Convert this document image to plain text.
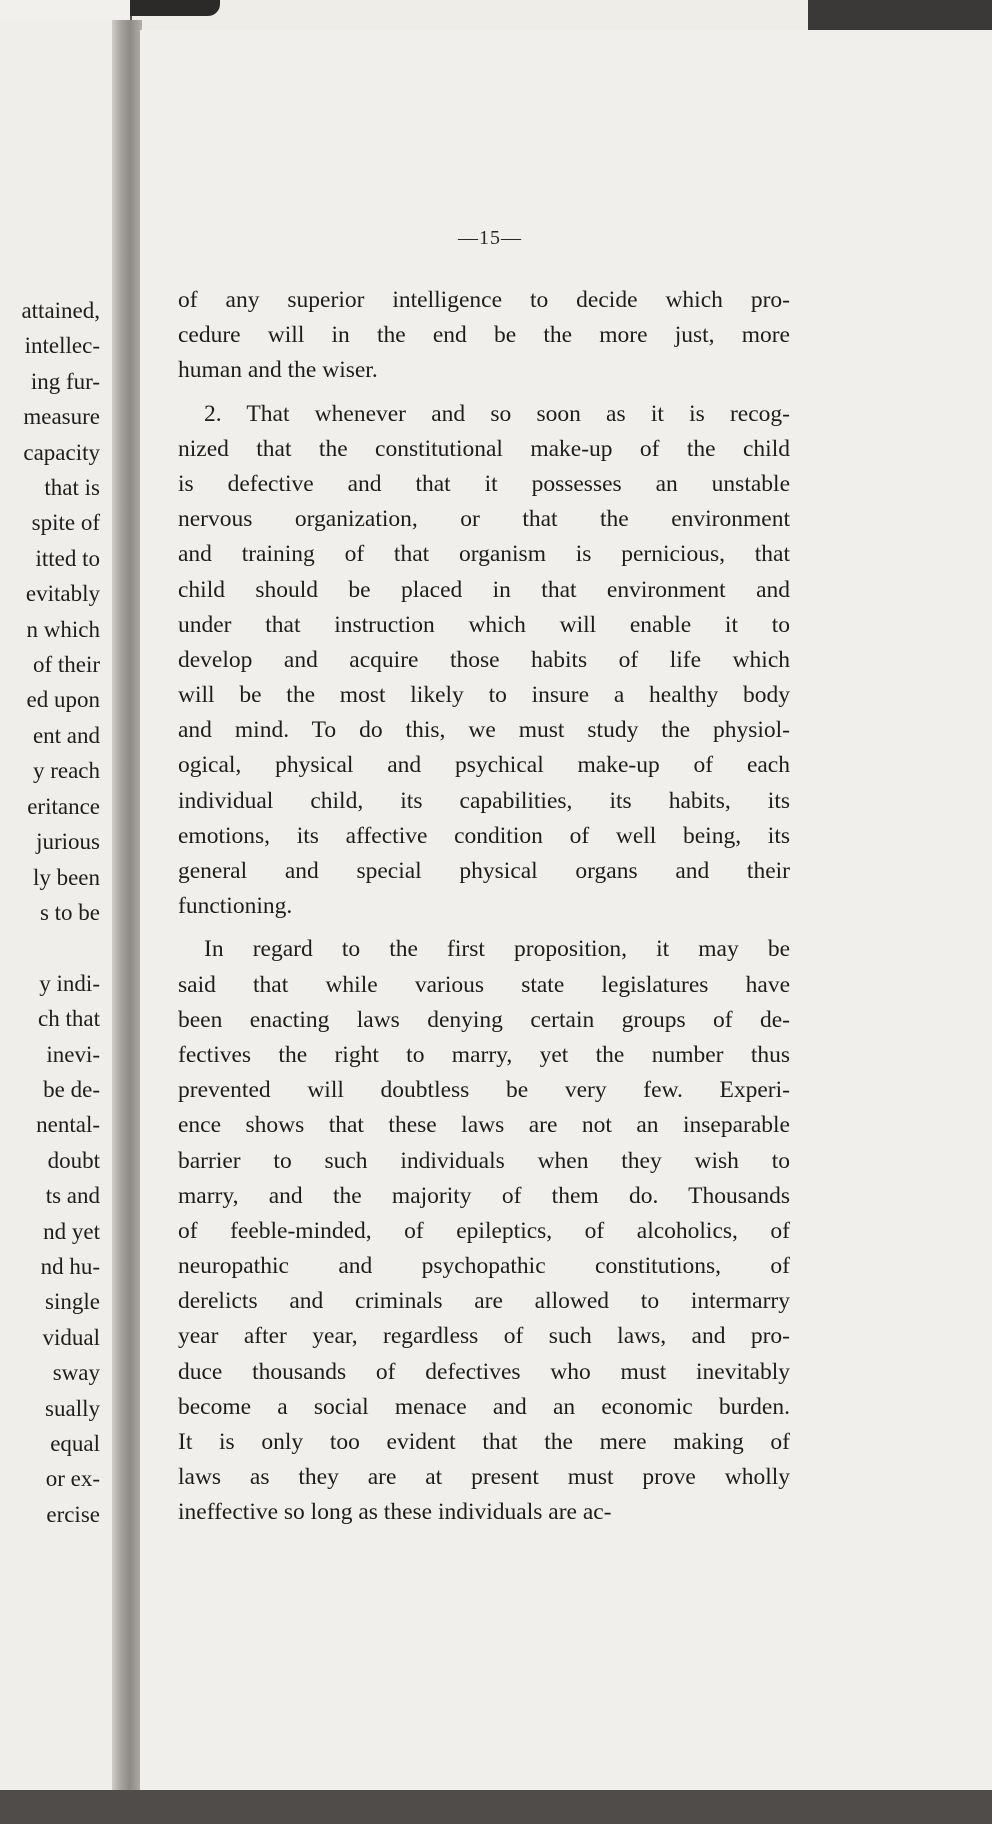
attained,
intellec-
ing fur-
measure
capacity
that is
spite of
itted to
evitably
n which
of their
ed upon
ent and
y reach
eritance
jurious
ly been
s to be

y indi-
ch that
inevi-
be de-
nental-
doubt
ts and
nd yet
nd hu-
single
vidual
sway
sually
equal
or ex-
ercise
—15—
of any superior intelligence to decide which pro-
cedure will in the end be the more just, more
human and the wiser.
2. That whenever and so soon as it is recog-
nized that the constitutional make-up of the child
is defective and that it possesses an unstable
nervous organization, or that the environment
and training of that organism is pernicious, that
child should be placed in that environment and
under that instruction which will enable it to
develop and acquire those habits of life which
will be the most likely to insure a healthy body
and mind. To do this, we must study the physiol-
ogical, physical and psychical make-up of each
individual child, its capabilities, its habits, its
emotions, its affective condition of well being, its
general and special physical organs and their
functioning.
In regard to the first proposition, it may be
said that while various state legislatures have
been enacting laws denying certain groups of de-
fectives the right to marry, yet the number thus
prevented will doubtless be very few. Experi-
ence shows that these laws are not an inseparable
barrier to such individuals when they wish to
marry, and the majority of them do. Thousands
of feeble-minded, of epileptics, of alcoholics, of
neuropathic and psychopathic constitutions, of
derelicts and criminals are allowed to intermarry
year after year, regardless of such laws, and pro-
duce thousands of defectives who must inevitably
become a social menace and an economic burden.
It is only too evident that the mere making of
laws as they are at present must prove wholly
ineffective so long as these individuals are ac-
